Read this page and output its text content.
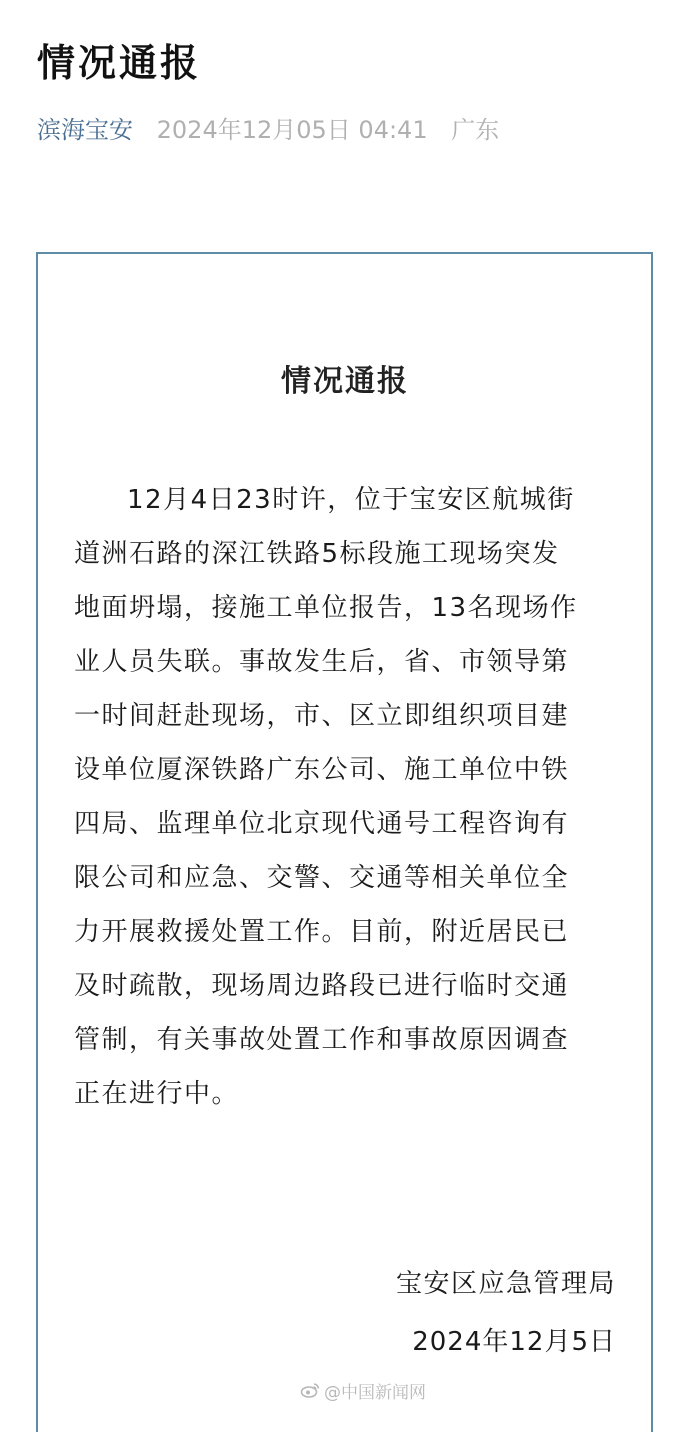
情况通报
滨海宝安 2024年12月05日 04:41 广东
情况通报
12月4日23时许，位于宝安区航城街
道洲石路的深江铁路5标段施工现场突发
地面坍塌，接施工单位报告，13名现场作
业人员失联。事故发生后，省、市领导第
一时间赶赴现场，市、区立即组织项目建
设单位厦深铁路广东公司、施工单位中铁
四局、监理单位北京现代通号工程咨询有
限公司和应急、交警、交通等相关单位全
力开展救援处置工作。目前，附近居民已
及时疏散，现场周边路段已进行临时交通
管制，有关事故处置工作和事故原因调查
正在进行中。
宝安区应急管理局
2024年12月5日
@中国新闻网
